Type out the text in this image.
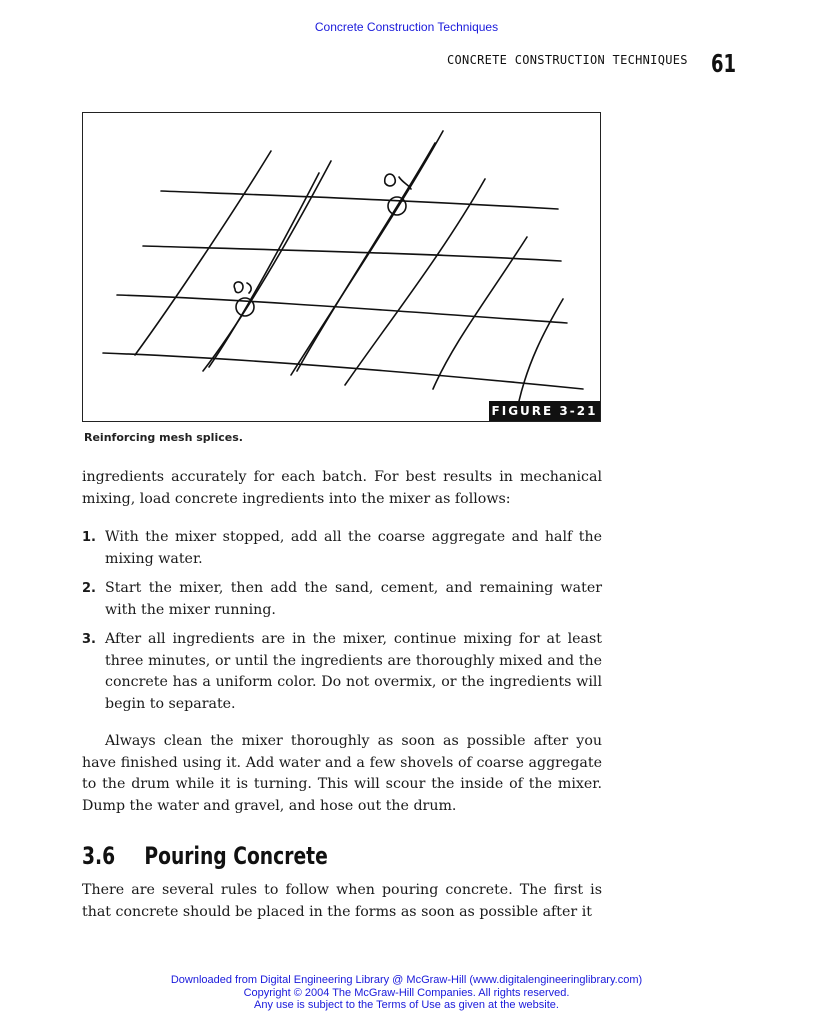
Concrete Construction Techniques
CONCRETE CONSTRUCTION TECHNIQUES 61
FIGURE 3-21
Reinforcing mesh splices.

ingredients accurately for each batch. For best results in mechanical mixing, load concrete ingredients into the mixer as follows:

1. With the mixer stopped, add all the coarse aggregate and half the mixing water.
2. Start the mixer, then add the sand, cement, and remaining water with the mixer running.
3. After all ingredients are in the mixer, continue mixing for at least three minutes, or until the ingredients are thoroughly mixed and the concrete has a uniform color. Do not overmix, or the ingredients will begin to separate.

Always clean the mixer thoroughly as soon as possible after you have finished using it. Add water and a few shovels of coarse aggregate to the drum while it is turning. This will scour the inside of the mixer. Dump the water and gravel, and hose out the drum.

3.6 Pouring Concrete

There are several rules to follow when pouring concrete. The first is that concrete should be placed in the forms as soon as possible after it

Downloaded from Digital Engineering Library @ McGraw-Hill (www.digitalengineeringlibrary.com)
Copyright © 2004 The McGraw-Hill Companies. All rights reserved.
Any use is subject to the Terms of Use as given at the website.
